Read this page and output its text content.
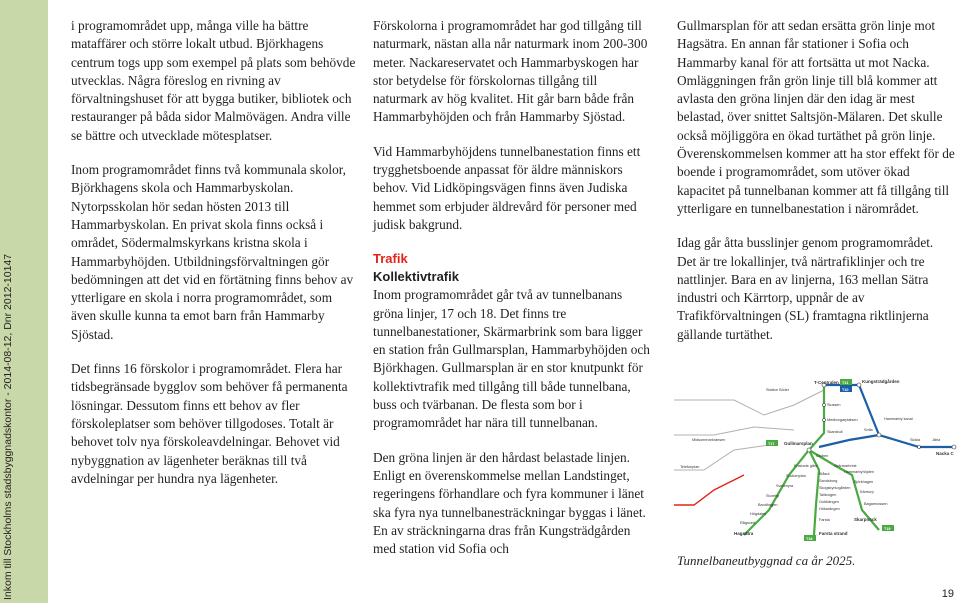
Inkom till Stockholms stadsbyggnadskontor - 2014-08-12, Dnr 2012-10147

i programområdet upp, många ville ha bättre mataffärer och större lokalt utbud. Björkhagens centrum togs upp som exempel på plats som behövde utvecklas. Några föreslog en rivning av förvaltningshuset för att bygga butiker, bibliotek och restauranger på båda sidor Malmövägen. Andra ville se bättre och utvecklade mötesplatser.

Inom programområdet finns två kommunala skolor, Björkhagens skola och Hammarbyskolan. Nytorpsskolan hör sedan hösten 2013 till Hammarbyskolan. En privat skola finns också i området, Södermalmskyrkans kristna skola i Hammarbyhöjden. Utbildningsförvaltningen gör bedömningen att det vid en förtätning finns behov av ytterligare en skola i norra programområdet, som även skulle kunna ta emot barn från Hammarby Sjöstad.

Det finns 16 förskolor i programområdet. Flera har tidsbegränsade bygglov som behöver få permanenta lösningar. Dessutom finns ett behov av fler förskoleplatser som behöver tillgodoses. Totalt är behovet tolv nya förskoleavdelningar. Behovet vid nybyggnation av lägenheter beräknas till två avdelningar per hundra nya lägenheter.

Förskolorna i programområdet har god tillgång till naturmark, nästan alla når naturmark inom 200-300 meter. Nackareservatet och Hammarbyskogen har stor betydelse för förskolornas tillgång till naturmark av hög kvalitet. Hit går barn både från Hammarbyhöjden och från Hammarby Sjöstad.

Vid Hammarbyhöjdens tunnelbanestation finns ett trygghetsboende anpassat för äldre människors behov. Vid Lidköpingsvägen finns även Judiska hemmet som erbjuder äldrevård för personer med judisk bakgrund.

Trafik
Kollektivtrafik

Inom programområdet går två av tunnelbanans gröna linjer, 17 och 18. Det finns tre tunnelbanestationer, Skärmarbrink som bara ligger en station från Gullmarsplan, Hammarbyhöjden och Björkhagen. Gullmarsplan är en stor knutpunkt för kollektivtrafik med tillgång till både tunnelbana, buss och tvärbanan. De flesta som bor i programområdet har nära till tunnelbanan.

Den gröna linjen är den hårdast belastade linjen. Enligt en överenskommelse mellan Landstinget, regeringens förhandlare och fyra kommuner i länet ska fyra nya tunnelbanesträckningar byggas i länet. En av sträckningarna dras från Kungsträdgården med station vid Sofia och

Gullmarsplan för att sedan ersätta grön linje mot Hagsätra. En annan får stationer i Sofia och Hammarby kanal för att fortsätta ut mot Nacka. Omläggningen från grön linje till blå kommer att avlasta den gröna linjen där den idag är mest belastad, över snittet Saltsjön-Mälaren. Det skulle också möjliggöra en ökad turtäthet på grön linje. Överenskommelsen kommer att ha stor effekt för de boende i programområdet, som utöver ökad kapacitet på tunnelbanan kommer att få tillgång till ytterligare en tunnelbanestation i närområdet.

Idag går åtta busslinjer genom programområdet. Det är tre lokallinjer, två närtrafiklinjer och tre nattlinjer. Bara en av linjerna, 163 mellan Sätra industri och Kärrtorp, uppnår de av Trafikförvaltningen (SL) framtagna riktlinjerna gällande turtäthet.

T11
T10
T17
T18
T19
T-Centralen
Slussen
Medborgarplatsen
Skanstull
Gullmarsplan
Globen
Enskede gård
Sockenplan
Svedmyra
Stureby
Bandhagen
Högdalen
Rågsved
Hagsätra
Skärmarbrink
Blåsut
Sandsborg
Skogskyrkogården
Tallkrogen
Gubbängen
Hökarängen
Farsta
Farsta strand
Hammarbyhöjden
Björkhagen
Kärrtorp
Bagarmossen
Skarpnäck
Midsommarkransen
Telefonplan
Kungsträdgården
Sofia
Hammarby kanal
Sickla	Järla
Nacka C
Station Söder
Tunnelbaneutbyggnad ca år 2025.
19
